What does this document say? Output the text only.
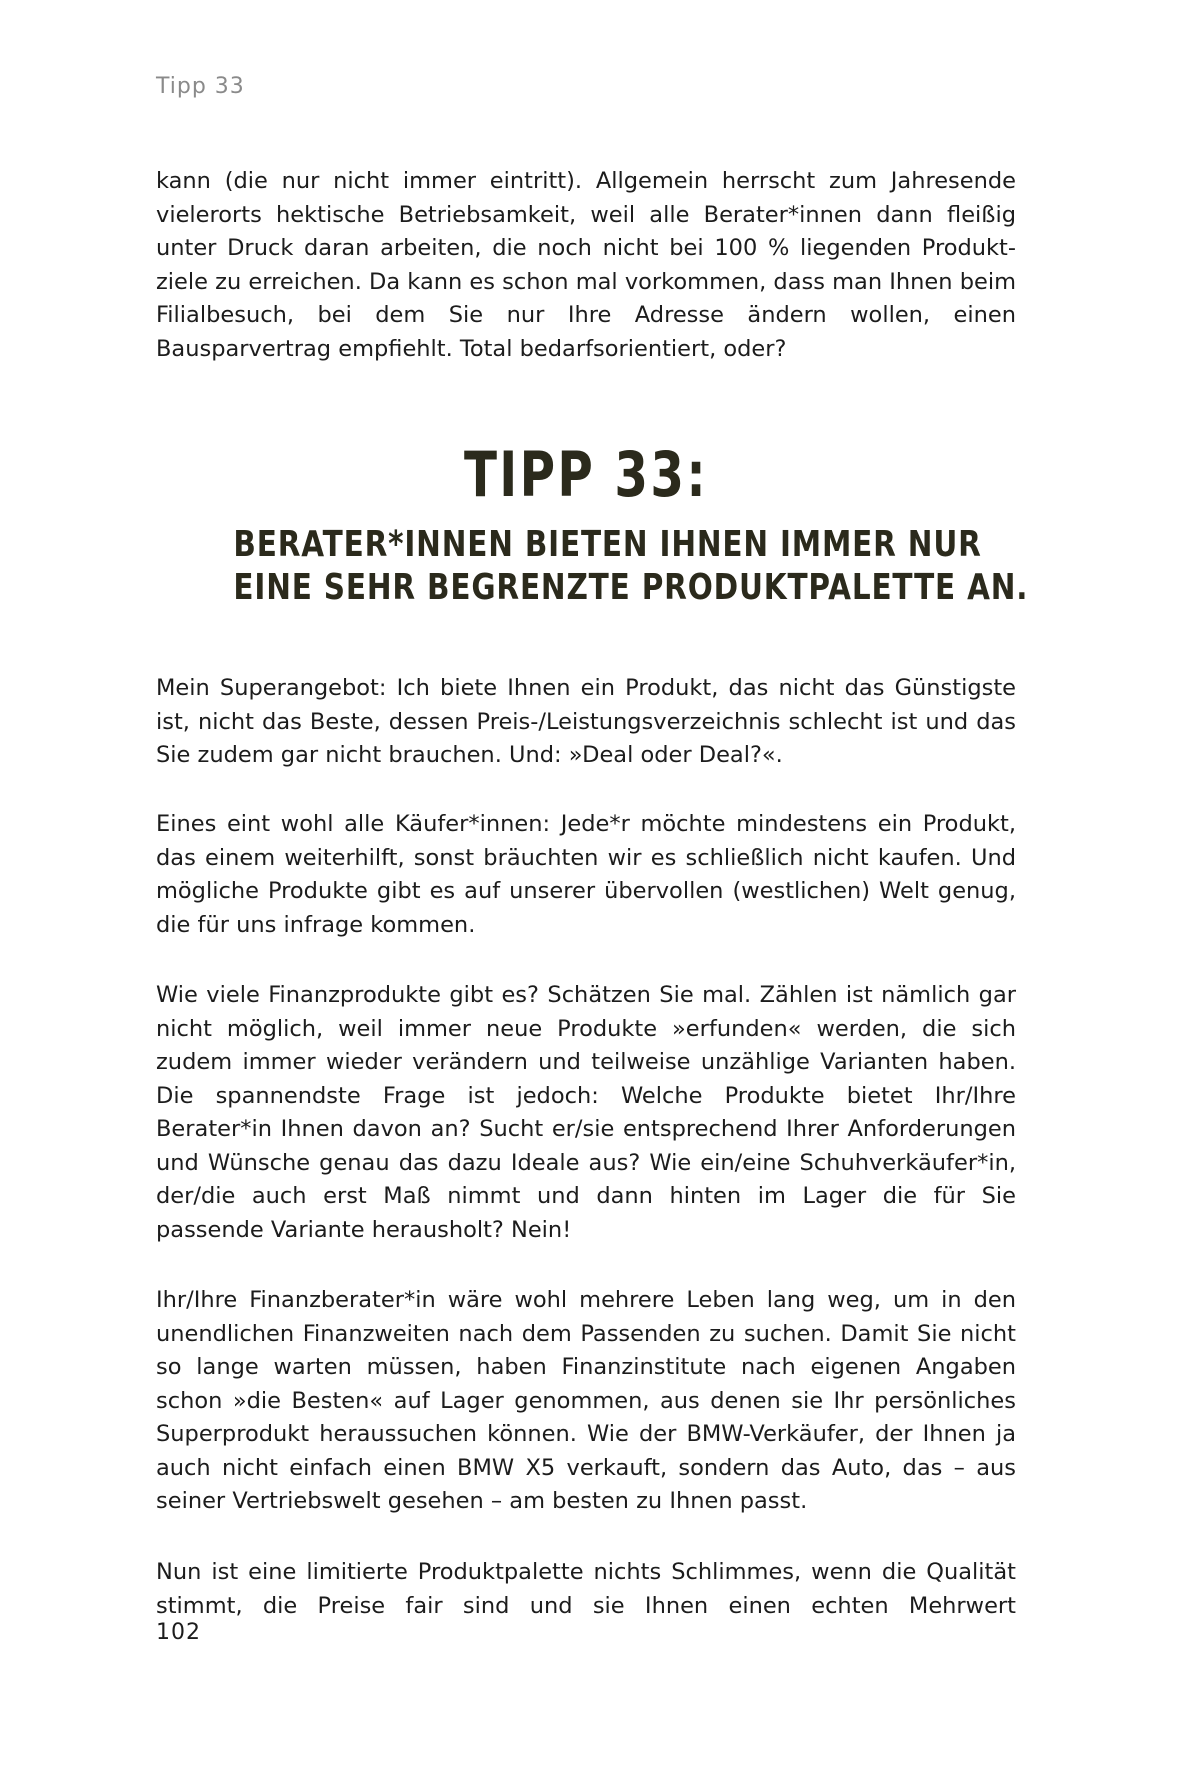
Tipp 33

kann (die nur nicht immer eintritt). Allgemein herrscht zum Jahresende vielerorts hektische Betriebsamkeit, weil alle Berater*innen dann fleißig unter Druck daran arbeiten, die noch nicht bei 100 % liegenden Produktziele zu erreichen. Da kann es schon mal vorkommen, dass man Ihnen beim Filialbesuch, bei dem Sie nur Ihre Adresse ändern wollen, einen Bausparvertrag empfiehlt. Total bedarfsorientiert, oder?

TIPP 33:
BERATER*INNEN BIETEN IHNEN IMMER NUR
EINE SEHR BEGRENZTE PRODUKTPALETTE AN.

Mein Superangebot: Ich biete Ihnen ein Produkt, das nicht das Günstigste ist, nicht das Beste, dessen Preis-/Leistungsverzeichnis schlecht ist und das Sie zudem gar nicht brauchen. Und: »Deal oder Deal?«.

Eines eint wohl alle Käufer*innen: Jede*r möchte mindestens ein Produkt, das einem weiterhilft, sonst bräuchten wir es schließlich nicht kaufen. Und mögliche Produkte gibt es auf unserer übervollen (westlichen) Welt genug, die für uns infrage kommen.

Wie viele Finanzprodukte gibt es? Schätzen Sie mal. Zählen ist nämlich gar nicht möglich, weil immer neue Produkte »erfunden« werden, die sich zudem immer wieder verändern und teilweise unzählige Varianten haben. Die spannendste Frage ist jedoch: Welche Produkte bietet Ihr/Ihre Berater*in Ihnen davon an? Sucht er/sie entsprechend Ihrer Anforderungen und Wünsche genau das dazu Ideale aus? Wie ein/eine Schuhverkäufer*in, der/die auch erst Maß nimmt und dann hinten im Lager die für Sie passende Variante herausholt? Nein!

Ihr/Ihre Finanzberater*in wäre wohl mehrere Leben lang weg, um in den unendlichen Finanzweiten nach dem Passenden zu suchen. Damit Sie nicht so lange warten müssen, haben Finanzinstitute nach eigenen Angaben schon »die Besten« auf Lager genommen, aus denen sie Ihr persönliches Superprodukt heraussuchen können. Wie der BMW-Verkäufer, der Ihnen ja auch nicht einfach einen BMW X5 verkauft, sondern das Auto, das – aus seiner Vertriebswelt gesehen – am besten zu Ihnen passt.

Nun ist eine limitierte Produktpalette nichts Schlimmes, wenn die Qualität stimmt, die Preise fair sind und sie Ihnen einen echten Mehrwert

102
